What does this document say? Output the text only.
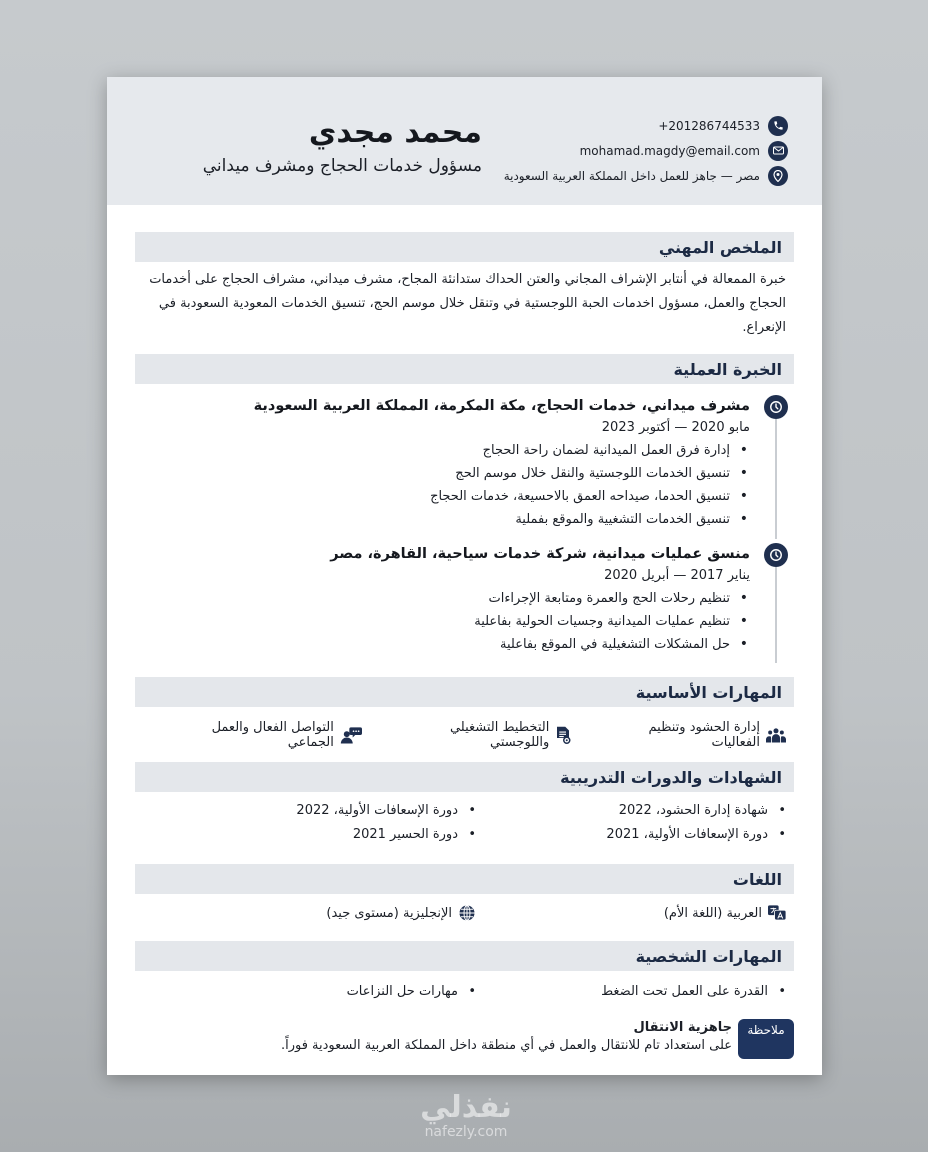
+201286744533
mohamad.magdy@email.com
مصر — جاهز للعمل داخل المملكة العربية السعودية
محمد مجدي
مسؤول خدمات الحجاج ومشرف ميداني
الملخص المهني
خبرة الممعالة في أنتابر الإشراف المجاني والعتن الحداك ستدانئة المجاح، مشرف ميداني، مشراف الحجاج على أخدمات الحجاج والعمل، مسؤول اخدمات الحبة اللوجستية في وتنقل خلال موسم الحج، تنسيق الخدمات المعودية السعودبة في الإنعراع.
الخبرة العملية
مشرف ميداني، خدمات الحجاج، مكة المكرمة، المملكة العربية السعودية
مابو 2020 — أكتوبر 2023
• إدارة فرق العمل الميدانية لضمان راحة الحجاج
• تنسيق الخدمات اللوجستية والنقل خلال موسم الحج
• تنسيق الحدما، صيداحه العمق بالاحسيعة، خدمات الحجاج
• تنسيق الخدمات التشغيية والموقع بفملية
منسق عمليات ميدانية، شركة خدمات سياحية، القاهرة، مصر
يناير 2017 — أبريل 2020
• تنظيم رحلات الحج والعمرة ومتابعة الإجراءات
• تنظيم عمليات الميدانية وجسيات الحولية بفاعلية
• حل المشكلات التشغيلية في الموقع بفاعلية
المهارات الأساسية
إدارة الحشود وتنظيم الفعاليات
التخطيط التشغيلي واللوجستي
التواصل الفعال والعمل الجماعي
الشهادات والدورات التدريبية
• شهادة إدارة الحشود، 2022
• دورة الإسعافات الأولية، 2021
• دورة الإسعافات الأولية، 2022
• دورة الحسير 2021
اللغات
العربية (اللغة الأم)
الإنجليزية (مستوى جيد)
المهارات الشخصية
• القدرة على العمل تحت الضغط
• مهارات حل النزاعات
ملاحظة
جاهزية الانتقال
على استعداد تام للانتقال والعمل في أي منطقة داخل المملكة العربية السعودية فوراً.
نفذلي
nafezly.com
